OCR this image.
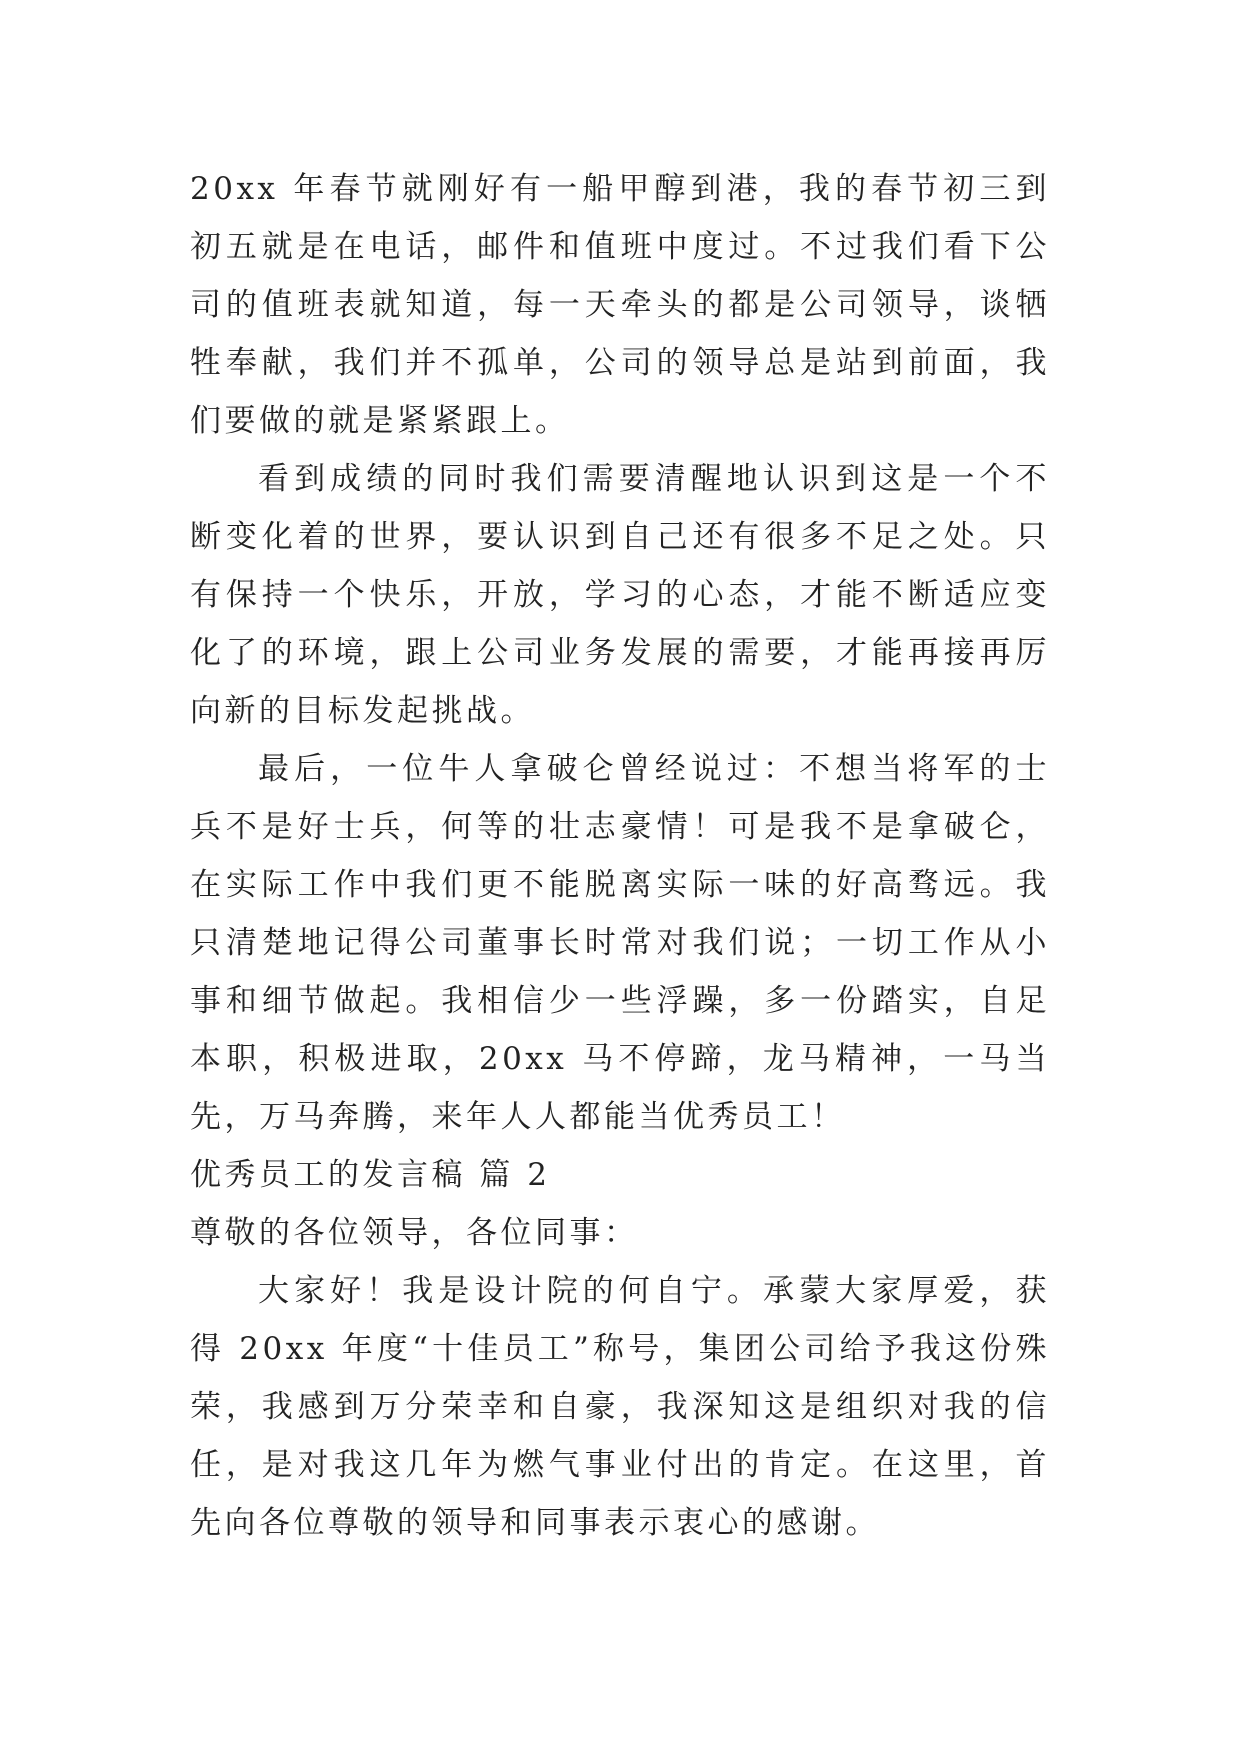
20xx 年春节就刚好有一船甲醇到港，我的春节初三到初五就是在电话，邮件和值班中度过。不过我们看下公司的值班表就知道，每一天牵头的都是公司领导，谈牺牲奉献，我们并不孤单，公司的领导总是站到前面，我们要做的就是紧紧跟上。

看到成绩的同时我们需要清醒地认识到这是一个不断变化着的世界，要认识到自己还有很多不足之处。只有保持一个快乐，开放，学习的心态，才能不断适应变化了的环境，跟上公司业务发展的需要，才能再接再厉向新的目标发起挑战。

最后，一位牛人拿破仑曾经说过：不想当将军的士兵不是好士兵，何等的壮志豪情！可是我不是拿破仑，在实际工作中我们更不能脱离实际一味的好高骛远。我只清楚地记得公司董事长时常对我们说；一切工作从小事和细节做起。我相信少一些浮躁，多一份踏实，自足本职，积极进取，20xx 马不停蹄，龙马精神，一马当先，万马奔腾，来年人人都能当优秀员工！

优秀员工的发言稿 篇 2

尊敬的各位领导，各位同事：

大家好！我是设计院的何自宁。承蒙大家厚爱，获得 20xx 年度“十佳员工”称号，集团公司给予我这份殊荣，我感到万分荣幸和自豪，我深知这是组织对我的信任，是对我这几年为燃气事业付出的肯定。在这里，首先向各位尊敬的领导和同事表示衷心的感谢。
